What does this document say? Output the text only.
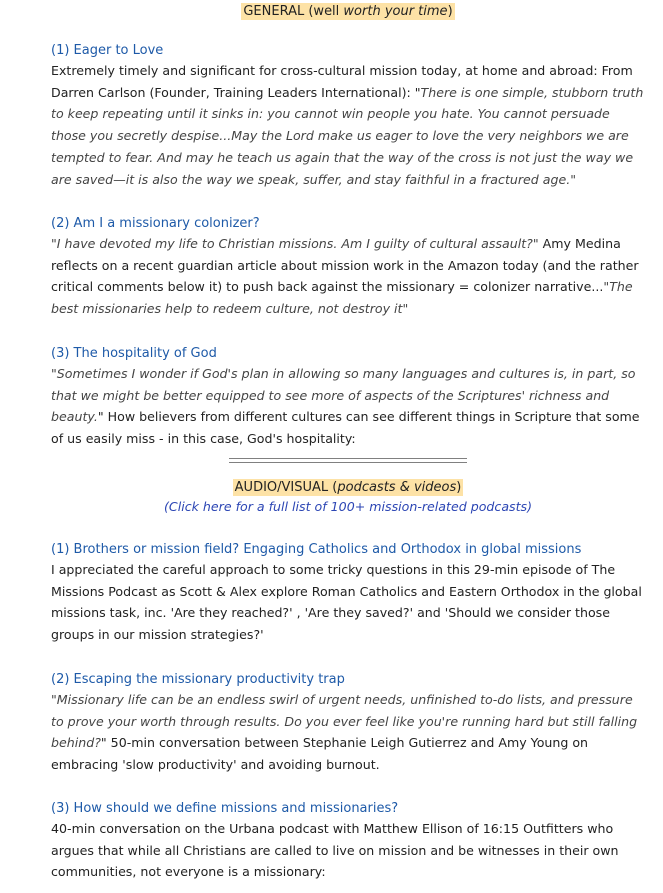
GENERAL (well worth your time)

(1) Eager to Love

Extremely timely and significant for cross-cultural mission today, at home and abroad: From Darren Carlson (Founder, Training Leaders International): "There is one simple, stubborn truth to keep repeating until it sinks in: you cannot win people you hate. You cannot persuade those you secretly despise...May the Lord make us eager to love the very neighbors we are tempted to fear. And may he teach us again that the way of the cross is not just the way we are saved—it is also the way we speak, suffer, and stay faithful in a fractured age."

(2) Am I a missionary colonizer?

"I have devoted my life to Christian missions. Am I guilty of cultural assault?" Amy Medina reflects on a recent guardian article about mission work in the Amazon today (and the rather critical comments below it) to push back against the missionary = colonizer narrative..."The best missionaries help to redeem culture, not destroy it"

(3) The hospitality of God

"Sometimes I wonder if God's plan in allowing so many languages and cultures is, in part, so that we might be better equipped to see more of aspects of the Scriptures' richness and beauty." How believers from different cultures can see different things in Scripture that some of us easily miss - in this case, God's hospitality:

AUDIO/VISUAL (podcasts & videos)
(Click here for a full list of 100+ mission-related podcasts)

(1) Brothers or mission field? Engaging Catholics and Orthodox in global missions

I appreciated the careful approach to some tricky questions in this 29-min episode of The Missions Podcast as Scott & Alex explore Roman Catholics and Eastern Orthodox in the global missions task, inc. 'Are they reached?' , 'Are they saved?' and 'Should we consider those groups in our mission strategies?'

(2) Escaping the missionary productivity trap

"Missionary life can be an endless swirl of urgent needs, unfinished to-do lists, and pressure to prove your worth through results. Do you ever feel like you're running hard but still falling behind?" 50-min conversation between Stephanie Leigh Gutierrez and Amy Young on embracing 'slow productivity' and avoiding burnout.

(3) How should we define missions and missionaries?

40-min conversation on the Urbana podcast with Matthew Ellison of 16:15 Outfitters who argues that while all Christians are called to live on mission and be witnesses in their own communities, not everyone is a missionary:
